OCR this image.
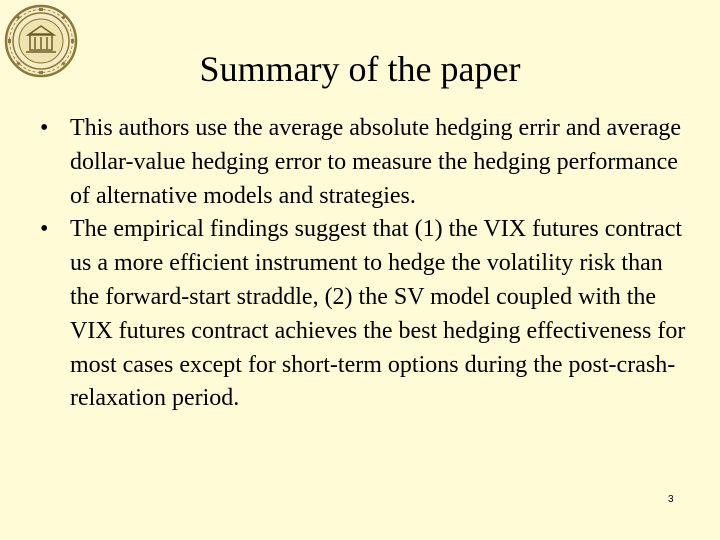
Summary of the paper
• This authors use the average absolute hedging errir and average dollar-value hedging error to measure the hedging performance of alternative models and strategies.
• The empirical findings suggest that (1) the VIX futures contract us a more efficient instrument to hedge the volatility risk than the forward-start straddle, (2) the SV model coupled with the VIX futures contract achieves the best hedging effectiveness for most cases except for short-term options during the post-crash-relaxation period.
3
